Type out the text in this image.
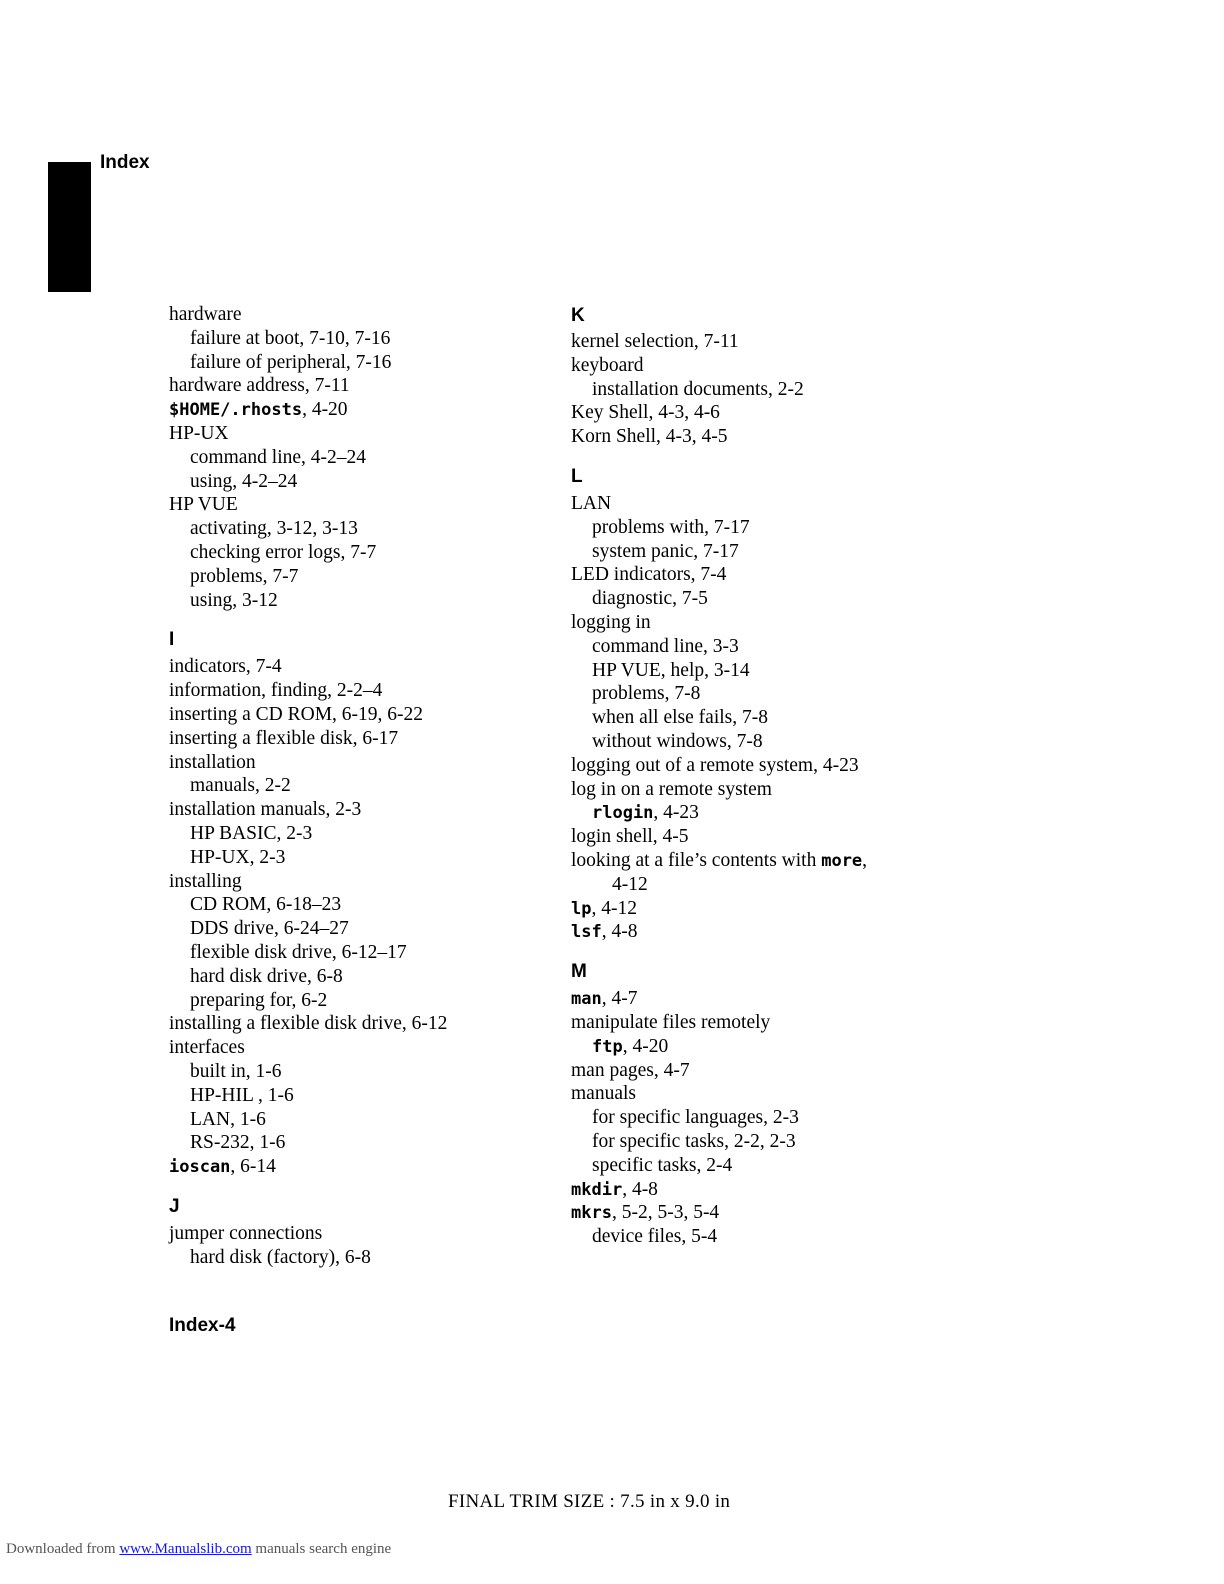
Index
hardware
failure at boot, 7-10, 7-16
failure of peripheral, 7-16
hardware address, 7-11
$HOME/.rhosts, 4-20
HP-UX
command line, 4-2–24
using, 4-2–24
HP VUE
activating, 3-12, 3-13
checking error logs, 7-7
problems, 7-7
using, 3-12
I
indicators, 7-4
information, finding, 2-2–4
inserting a CD ROM, 6-19, 6-22
inserting a flexible disk, 6-17
installation
manuals, 2-2
installation manuals, 2-3
HP BASIC, 2-3
HP-UX, 2-3
installing
CD ROM, 6-18–23
DDS drive, 6-24–27
flexible disk drive, 6-12–17
hard disk drive, 6-8
preparing for, 6-2
installing a flexible disk drive, 6-12
interfaces
built in, 1-6
HP-HIL , 1-6
LAN, 1-6
RS-232, 1-6
ioscan, 6-14
J
jumper connections
hard disk (factory), 6-8
K
kernel selection, 7-11
keyboard
installation documents, 2-2
Key Shell, 4-3, 4-6
Korn Shell, 4-3, 4-5
L
LAN
problems with, 7-17
system panic, 7-17
LED indicators, 7-4
diagnostic, 7-5
logging in
command line, 3-3
HP VUE, help, 3-14
problems, 7-8
when all else fails, 7-8
without windows, 7-8
logging out of a remote system, 4-23
log in on a remote system
rlogin, 4-23
login shell, 4-5
looking at a file’s contents with more,
4-12
lp, 4-12
lsf, 4-8
M
man, 4-7
manipulate files remotely
ftp, 4-20
man pages, 4-7
manuals
for specific languages, 2-3
for specific tasks, 2-2, 2-3
specific tasks, 2-4
mkdir, 4-8
mkrs, 5-2, 5-3, 5-4
device files, 5-4
Index-4
FINAL TRIM SIZE : 7.5 in x 9.0 in
Downloaded from www.Manualslib.com manuals search engine
